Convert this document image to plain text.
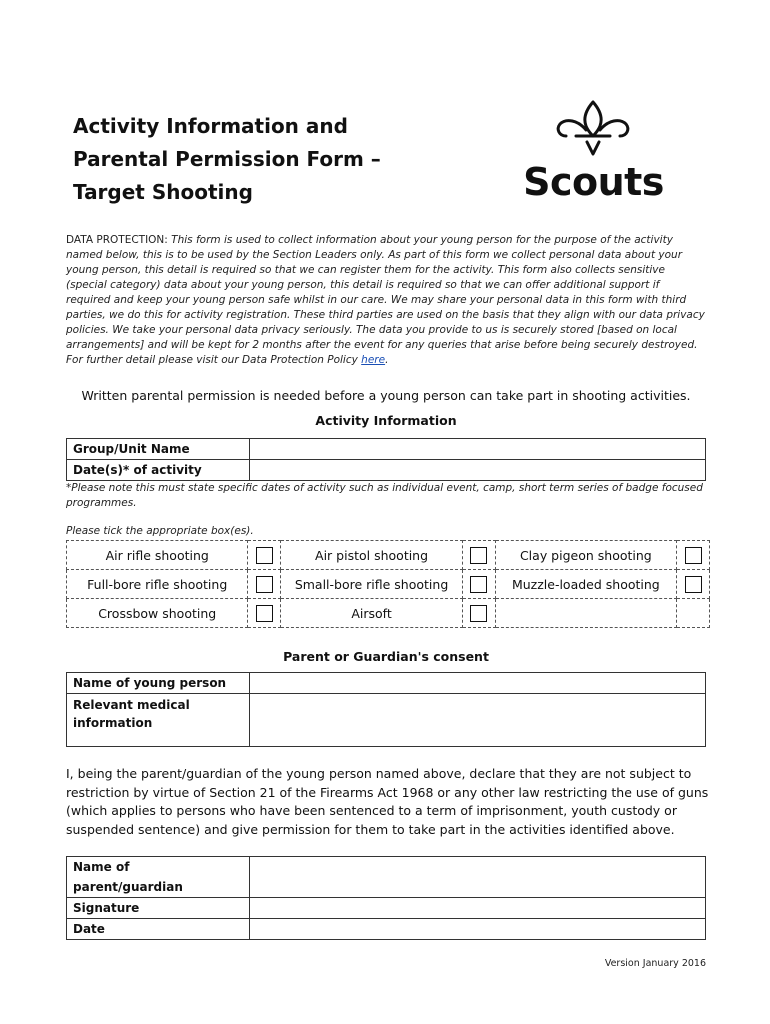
Activity Information and
Parental Permission Form –
Target Shooting	Scouts
DATA PROTECTION: This form is used to collect information about your young person for the purpose of the activity named below, this is to be used by the Section Leaders only. As part of this form we collect personal data about your young person, this detail is required so that we can register them for the activity. This form also collects sensitive (special category) data about your young person, this detail is required so that we can offer additional support if required and keep your young person safe whilst in our care. We may share your personal data in this form with third parties, we do this for activity registration. These third parties are used on the basis that they align with our data privacy policies. We take your personal data privacy seriously. The data you provide to us is securely stored [based on local arrangements] and will be kept for 2 months after the event for any queries that arise before being securely destroyed. For further detail please visit our Data Protection Policy here.
Written parental permission is needed before a young person can take part in shooting activities.
Activity Information
Group/Unit Name	
Date(s)* of activity	
*Please note this must state specific dates of activity such as individual event, camp, short term series of badge focused programmes.
Please tick the appropriate box(es).
Air rifle shooting		Air pistol shooting		Clay pigeon shooting	
Full-bore rifle shooting		Small-bore rifle shooting		Muzzle-loaded shooting	
Crossbow shooting		Airsoft			
Parent or Guardian's consent
Name of young person	

Relevant medical information	

I, being the parent/guardian of the young person named above, declare that they are not subject to restriction by virtue of Section 21 of the Firearms Act 1968 or any other law restricting the use of guns (which applies to persons who have been sentenced to a term of imprisonment, youth custody or suspended sentence) and give permission for them to take part in the activities identified above.
Name of parent/guardian	
Signature	
Date	
Version January 2016
